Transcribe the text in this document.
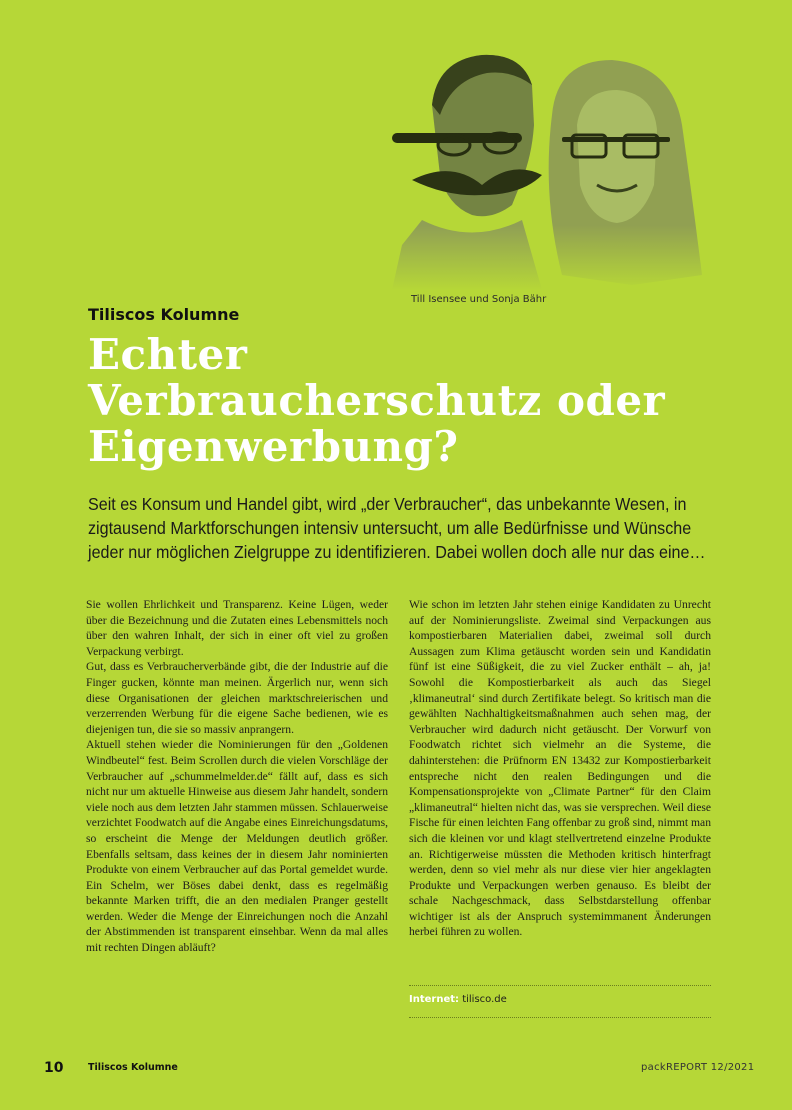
Till Isensee und Sonja Bähr
Tiliscos Kolumne
Echter
Verbraucherschutz oder
Eigenwerbung?
Seit es Konsum und Handel gibt, wird „der Verbraucher“, das unbekannte Wesen, in
zigtausend Marktforschungen intensiv untersucht, um alle Bedürfnisse und Wünsche
jeder nur möglichen Zielgruppe zu identifizieren. Dabei wollen doch alle nur das eine…

Sie wollen Ehrlichkeit und Transparenz. Keine Lügen, weder über die Bezeichnung und die Zutaten eines Lebensmittels noch über den wahren Inhalt, der sich in einer oft viel zu großen Verpackung verbirgt.

Gut, dass es Verbraucherverbände gibt, die der Industrie auf die Finger gucken, könnte man meinen. Ärgerlich nur, wenn sich diese Organisationen der gleichen marktschreierischen und verzerrenden Werbung für die eigene Sache bedienen, wie es diejenigen tun, die sie so massiv anprangern.

Aktuell stehen wieder die Nominierungen für den „Goldenen Windbeutel“ fest. Beim Scrollen durch die vielen Vorschläge der Verbraucher auf „schummelmelder.de“ fällt auf, dass es sich nicht nur um aktuelle Hinweise aus diesem Jahr handelt, sondern viele noch aus dem letzten Jahr stammen müssen. Schlauerweise verzichtet Foodwatch auf die Angabe eines Einreichungsdatums, so erscheint die Menge der Meldungen deutlich größer. Ebenfalls seltsam, dass keines der in diesem Jahr nominierten Produkte von einem Verbraucher auf das Portal gemeldet wurde. Ein Schelm, wer Böses dabei denkt, dass es regelmäßig bekannte Marken trifft, die an den medialen Pranger gestellt werden. Weder die Menge der Einreichungen noch die Anzahl der Abstimmenden ist transparent einsehbar. Wenn da mal alles mit rechten Dingen abläuft?

Wie schon im letzten Jahr stehen einige Kandidaten zu Unrecht auf der Nominierungsliste. Zweimal sind Verpackungen aus kompostierbaren Materialien dabei, zweimal soll durch Aussagen zum Klima getäuscht worden sein und Kandidatin fünf ist eine Süßigkeit, die zu viel Zucker enthält – ah, ja! Sowohl die Kompostierbarkeit als auch das Siegel ‚klimaneutral‘ sind durch Zertifikate belegt. So kritisch man die gewählten Nachhaltigkeitsmaßnahmen auch sehen mag, der Verbraucher wird dadurch nicht getäuscht. Der Vorwurf von Foodwatch richtet sich vielmehr an die Systeme, die dahinterstehen: die Prüfnorm EN 13432 zur Kompostierbarkeit entspreche nicht den realen Bedingungen und die Kompensationsprojekte von „Climate Partner“ für den Claim „klimaneutral“ hielten nicht das, was sie versprechen. Weil diese Fische für einen leichten Fang offenbar zu groß sind, nimmt man sich die kleinen vor und klagt stellvertretend einzelne Produkte an. Richtigerweise müssten die Methoden kritisch hinterfragt werden, denn so viel mehr als nur diese vier hier angeklagten Produkte und Verpackungen werben genauso. Es bleibt der schale Nachgeschmack, dass Selbstdarstellung offenbar wichtiger ist als der Anspruch systemimmanent Änderungen herbei führen zu wollen.

Internet: tilisco.de
10	Tiliscos Kolumne	packREPORT 12/2021
